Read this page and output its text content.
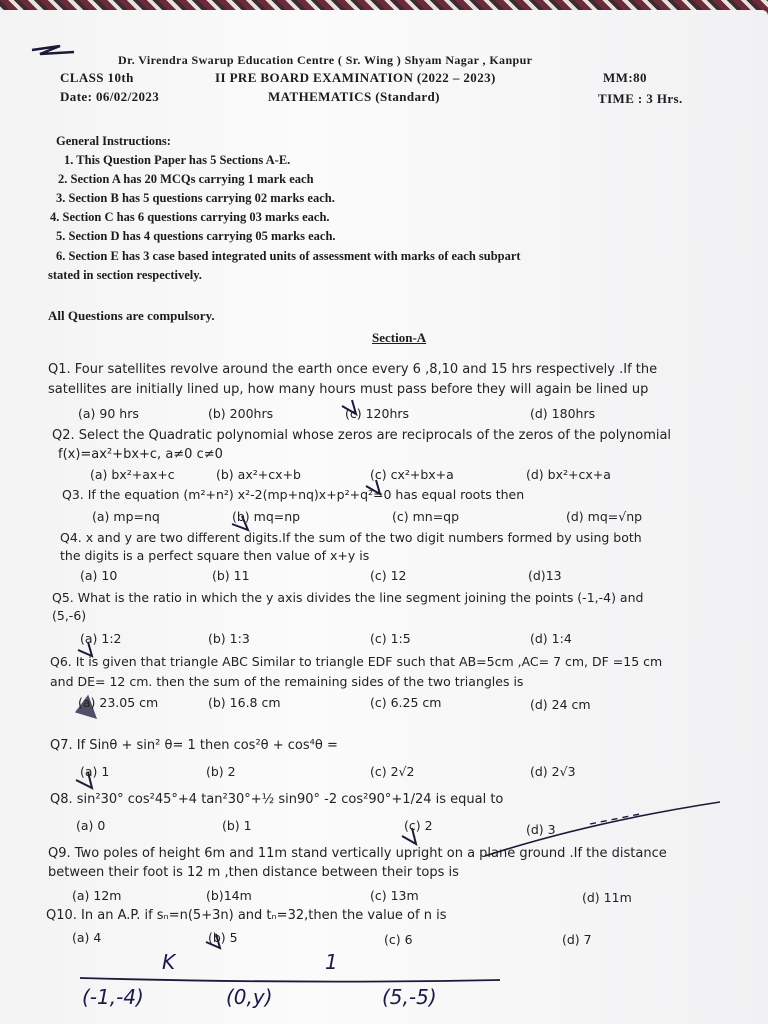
Dr. Virendra Swarup Education Centre ( Sr. Wing ) Shyam Nagar , Kanpur
CLASS 10th	II PRE BOARD EXAMINATION (2022 – 2023)	MM:80
Date: 06/02/2023	MATHEMATICS (Standard)	TIME : 3 Hrs.
General Instructions:
1. This Question Paper has 5 Sections A-E.
2. Section A has 20 MCQs carrying 1 mark each
3. Section B has 5 questions carrying 02 marks each.
4. Section C has 6 questions carrying 03 marks each.
5. Section D has 4 questions carrying 05 marks each.
6. Section E has 3 case based integrated units of assessment with marks of each subpart
stated in section respectively.
All Questions are compulsory.
Section-A
Q1. Four satellites revolve around the earth once every 6 ,8,10 and 15 hrs respectively .If the
satellites are initially lined up, how many hours must pass before they will again be lined up
(a) 90 hrs	(b) 200hrs	(c) 120hrs	(d) 180hrs
Q2. Select the Quadratic polynomial whose zeros are reciprocals of the zeros of the polynomial
f(x)=ax²+bx+c, a≠0 c≠0
(a) bx²+ax+c	(b) ax²+cx+b	(c) cx²+bx+a	(d) bx²+cx+a
Q3. If the equation (m²+n²) x²-2(mp+nq)x+p²+q²=0 has equal roots then
(a) mp=nq	(b) mq=np	(c) mn=qp	(d) mq=√np
Q4. x and y are two different digits.If the sum of the two digit numbers formed by using both
the digits is a perfect square then value of x+y is
(a) 10	(b) 11	(c) 12	(d)13
Q5. What is the ratio in which the y axis divides the line segment joining the points (-1,-4) and
(5,-6)
(a) 1:2	(b) 1:3	(c) 1:5	(d) 1:4
Q6. It is given that triangle ABC Similar to triangle EDF such that AB=5cm ,AC= 7 cm, DF =15 cm
and DE= 12 cm. then the sum of the remaining sides of the two triangles is
(a) 23.05 cm	(b) 16.8 cm	(c) 6.25 cm	(d) 24 cm
Q7. If Sinθ + sin² θ= 1 then cos²θ + cos⁴θ =
(a) 1	(b) 2	(c) 2√2	(d) 2√3
Q8. sin²30° cos²45°+4 tan²30°+½ sin90° -2 cos²90°+1/24 is equal to
(a) 0	(b) 1	(c) 2	(d) 3
Q9. Two poles of height 6m and 11m stand vertically upright on a plane ground .If the distance
between their foot is 12 m ,then distance between their tops is
(a) 12m	(b)14m	(c) 13m	(d) 11m
Q10. In an A.P. if sₙ=n(5+3n) and tₙ=32,then the value of n is
(a) 4	(b) 5	(c) 6	(d) 7
K	1
(-1,-4)	(0,y)	(5,-5)
